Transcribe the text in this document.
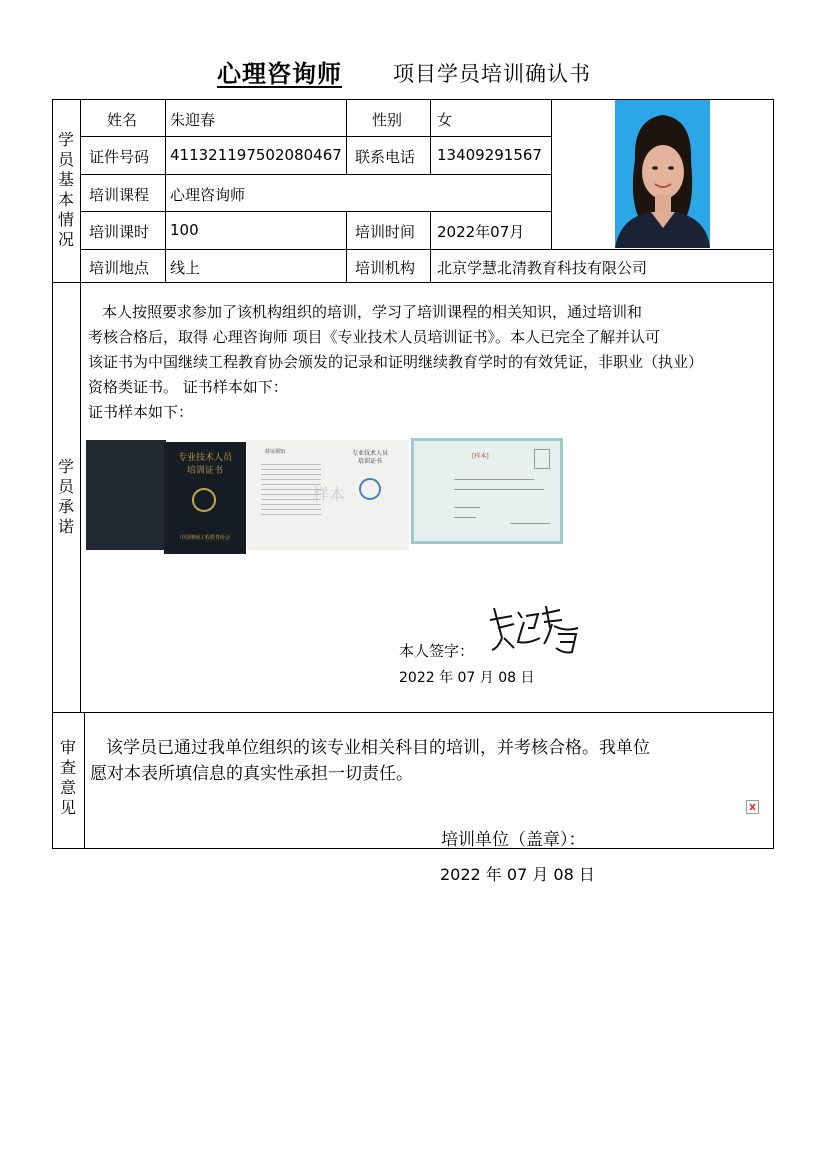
心理咨询师 项目学员培训确认书
学员基本情况
学员承诺
审查意见
姓名 朱迎春	性别 女
证件号码 411321197502080467 联系电话 13409291567
培训课程 心理咨询师
培训课时 100	培训时间 2022年07月
培训地点 线上	培训机构 北京学慧北清教育科技有限公司
本人按照要求参加了该机构组织的培训，学习了培训课程的相关知识，通过培训和
考核合格后，取得 心理咨询师 项目《专业技术人员培训证书》。本人已完全了解并认可
该证书为中国继续工程教育协会颁发的记录和证明继续教育学时的有效凭证，非职业（执业）
资格类证书。 证书样本如下：
证书样本如下：
专业技术人员
培训证书
中国继续工程教育协会
持证须知	专业技术人员
培训证书
样本
[样本]
本人签字：
2022 年 07 月 08 日
该学员已通过我单位组织的该专业相关科目的培训，并考核合格。我单位
愿对本表所填信息的真实性承担一切责任。
培训单位（盖章）：
2022 年 07 月 08 日
